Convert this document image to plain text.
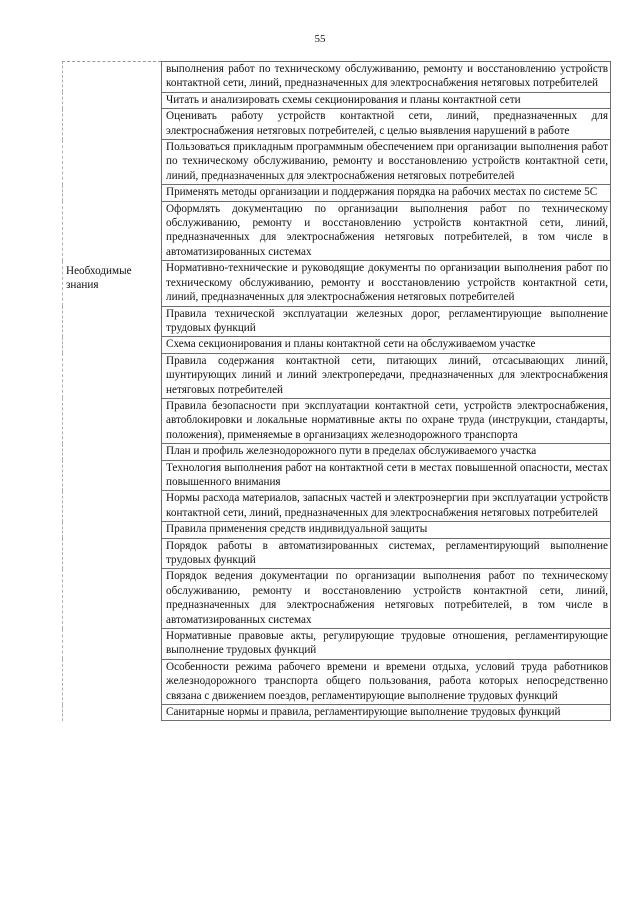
55
	выполнения работ по техническому обслуживанию, ремонту и восстановлению устройств контактной сети, линий, предназначенных для электроснабжения нетяговых потребителей
	Читать и анализировать схемы секционирования и планы контактной сети
	Оценивать работу устройств контактной сети, линий, предназначенных для электроснабжения нетяговых потребителей, с целью выявления нарушений в работе
	Пользоваться прикладным программным обеспечением при организации выполнения работ по техническому обслуживанию, ремонту и восстановлению устройств контактной сети, линий, предназначенных для электроснабжения нетяговых потребителей
	Применять методы организации и поддержания порядка на рабочих местах по системе 5С
	Оформлять документацию по организации выполнения работ по техническому обслуживанию, ремонту и восстановлению устройств контактной сети, линий, предназначенных для электроснабжения нетяговых потребителей, в том числе в автоматизированных системах

Необходимые знания	Нормативно-технические и руководящие документы по организации выполнения работ по техническому обслуживанию, ремонту и восстановлению устройств контактной сети, линий, предназначенных для электроснабжения нетяговых потребителей
	Правила технической эксплуатации железных дорог, регламентирующие выполнение трудовых функций
	Схема секционирования и планы контактной сети на обслуживаемом участке
	Правила содержания контактной сети, питающих линий, отсасывающих линий, шунтирующих линий и линий электропередачи, предназначенных для электроснабжения нетяговых потребителей
	Правила безопасности при эксплуатации контактной сети, устройств электроснабжения, автоблокировки и локальные нормативные акты по охране труда (инструкции, стандарты, положения), применяемые в организациях железнодорожного транспорта
	План и профиль железнодорожного пути в пределах обслуживаемого участка
	Технология выполнения работ на контактной сети в местах повышенной опасности, местах повышенного внимания
	Нормы расхода материалов, запасных частей и электроэнергии при эксплуатации устройств контактной сети, линий, предназначенных для электроснабжения нетяговых потребителей
	Правила применения средств индивидуальной защиты
	Порядок работы в автоматизированных системах, регламентирующий выполнение трудовых функций
	Порядок ведения документации по организации выполнения работ по техническому обслуживанию, ремонту и восстановлению устройств контактной сети, линий, предназначенных для электроснабжения нетяговых потребителей, в том числе в автоматизированных системах
	Нормативные правовые акты, регулирующие трудовые отношения, регламентирующие выполнение трудовых функций
	Особенности режима рабочего времени и времени отдыха, условий труда работников железнодорожного транспорта общего пользования, работа которых непосредственно связана с движением поездов, регламентирующие выполнение трудовых функций
	Санитарные нормы и правила, регламентирующие выполнение трудовых функций
